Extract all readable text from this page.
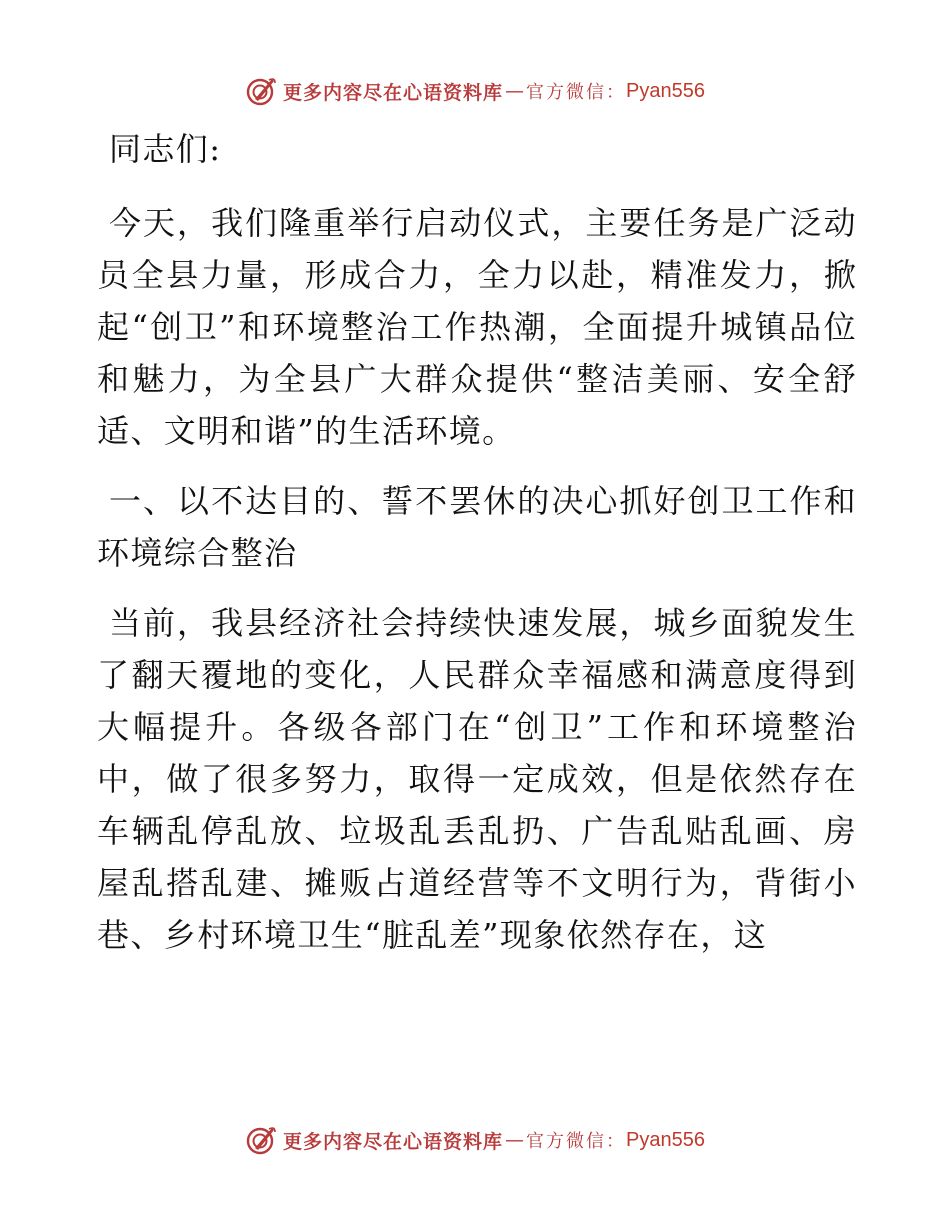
更多内容尽在心语资料库 — 官方微信： Pyan556

同志们:

今天，我们隆重举行启动仪式，主要任务是广泛动员全县力量，形成合力，全力以赴，精准发力，掀起“创卫”和环境整治工作热潮，全面提升城镇品位和魅力，为全县广大群众提供“整洁美丽、安全舒适、文明和谐”的生活环境。

一、以不达目的、誓不罢休的决心抓好创卫工作和环境综合整治

当前，我县经济社会持续快速发展，城乡面貌发生了翻天覆地的变化，人民群众幸福感和满意度得到大幅提升。各级各部门在“创卫”工作和环境整治中，做了很多努力，取得一定成效，但是依然存在车辆乱停乱放、垃圾乱丢乱扔、广告乱贴乱画、房屋乱搭乱建、摊贩占道经营等不文明行为，背街小巷、乡村环境卫生“脏乱差”现象依然存在，这

更多内容尽在心语资料库 — 官方微信： Pyan556
